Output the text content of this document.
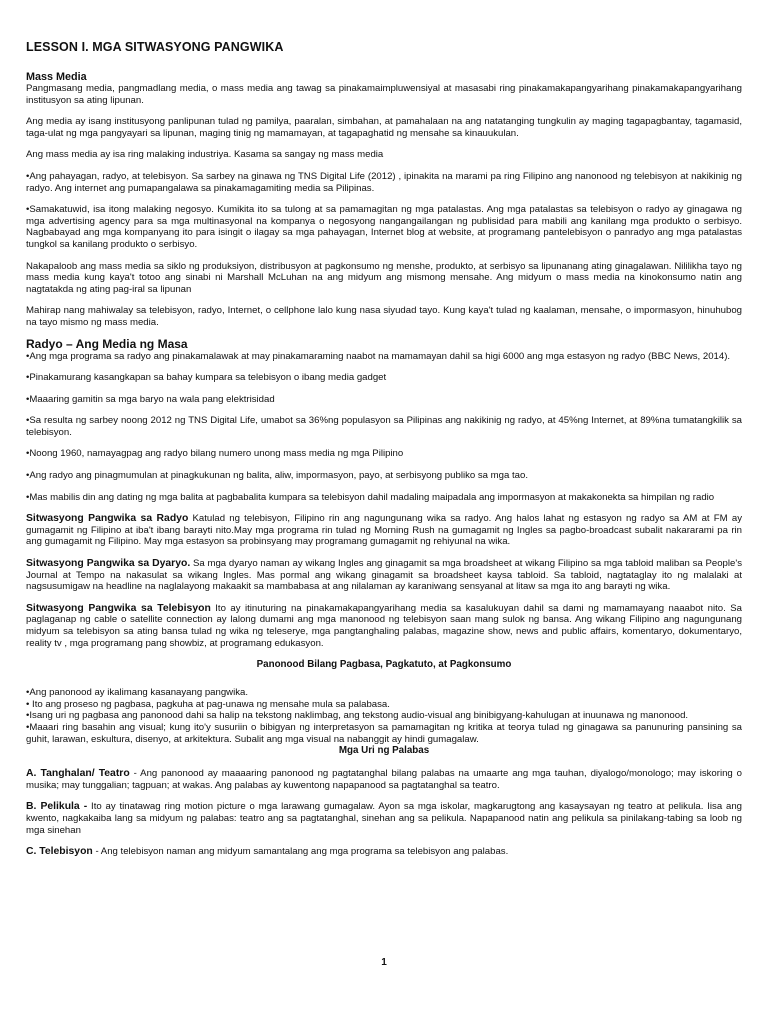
LESSON I. MGA SITWASYONG PANGWIKA
Mass Media

Pangmasang media, pangmadlang media, o mass media ang tawag sa pinakamaimpluwensiyal at masasabi ring pinakamakapangyarihang pinakamakapangyarihang institusyon sa ating lipunan.

Ang media ay isang institusyong panlipunan tulad ng pamilya, paaralan, simbahan, at pamahalaan na ang natatanging tungkulin ay maging tagapagbantay, tagamasid, taga-ulat ng mga pangyayari sa lipunan, maging tinig ng mamamayan, at tagapaghatid ng mensahe sa kinauukulan.

Ang mass media ay isa ring malaking industriya. Kasama sa sangay ng mass media

•Ang pahayagan, radyo, at telebisyon. Sa sarbey na ginawa ng TNS Digital Life (2012) , ipinakita na marami pa ring Filipino ang nanonood ng telebisyon at nakikinig ng radyo. Ang internet ang pumapangalawa sa pinakamagamiting media sa Pilipinas.

•Samakatuwid, isa itong malaking negosyo. Kumikita ito sa tulong at sa pamamagitan ng mga patalastas. Ang mga patalastas sa telebisyon o radyo ay ginagawa ng mga advertising agency para sa mga multinasyonal na kompanya o negosyong nangangailangan ng publisidad para mabili ang kanilang mga produkto o serbisyo. Nagbabayad ang mga kompanyang ito para isingit o ilagay sa mga pahayagan, Internet blog at website, at programang pantelebisyon o panradyo ang mga patalastas tungkol sa kanilang produkto o serbisyo.

Nakapaloob ang mass media sa siklo ng produksiyon, distribusyon at pagkonsumo ng menshe, produkto, at serbisyo sa lipunanang ating ginagalawan. Nililikha tayo ng mass media kung kaya't totoo ang sinabi ni Marshall McLuhan na ang midyum ang mismong mensahe. Ang midyum o mass media na kinokonsumo natin ang nagtatakda ng ating pag-iral sa lipunan

Mahirap nang mahiwalay sa telebisyon, radyo, Internet, o cellphone lalo kung nasa siyudad tayo. Kung kaya't tulad ng kaalaman, mensahe, o impormasyon, hinuhubog na tayo mismo ng mass media.

Radyo – Ang Media ng Masa

•Ang mga programa sa radyo ang pinakamalawak at may pinakamaraming naabot na mamamayan dahil sa higi 6000 ang mga estasyon ng radyo (BBC News, 2014).

•Pinakamurang kasangkapan sa bahay kumpara sa telebisyon o ibang media gadget

•Maaaring gamitin sa mga baryo na wala pang elektrisidad

•Sa resulta ng sarbey noong 2012 ng TNS Digital Life, umabot sa 36%ng populasyon sa Pilipinas ang nakikinig ng radyo, at 45%ng Internet, at 89%na tumatangkilik sa telebisyon.

•Noong 1960, namayagpag ang radyo bilang numero unong mass media ng mga Pilipino

•Ang radyo ang pinagmumulan at pinagkukunan ng balita, aliw, impormasyon, payo, at serbisyong publiko sa mga tao.

•Mas mabilis din ang dating ng mga balita at pagbabalita kumpara sa telebisyon dahil madaling maipadala ang impormasyon at makakonekta sa himpilan ng radio

Sitwasyong Pangwika sa Radyo Katulad ng telebisyon, Filipino rin ang nagungunang wika sa radyo. Ang halos lahat ng estasyon ng radyo sa AM at FM ay gumagamit ng Filipino at iba't ibang barayti nito.May mga programa rin tulad ng Morning Rush na gumagamit ng Ingles sa pagbo-broadcast subalit nakararami pa rin ang gumagamit ng Filipino. May mga estasyon sa probinsyang may programang gumagamit ng rehiyunal na wika.

Sitwasyong Pangwika sa Dyaryo. Sa mga dyaryo naman ay wikang Ingles ang ginagamit sa mga broadsheet at wikang Filipino sa mga tabloid maliban sa People's Journal at Tempo na nakasulat sa wikang Ingles. Mas pormal ang wikang ginagamit sa broadsheet kaysa tabloid. Sa tabloid, nagtataglay ito ng malalaki at nagsusumigaw na headline na naglalayong makaakit sa mambabasa at ang nilalaman ay karaniwang sensyanal at litaw sa mga ito ang barayti ng wika.

Sitwasyong Pangwika sa Telebisyon Ito ay itinuturing na pinakamakapangyarihang media sa kasalukuyan dahil sa dami ng mamamayang naaabot nito. Sa paglaganap ng cable o satellite connection ay lalong dumami ang mga manonood ng telebisyon saan mang sulok ng bansa. Ang wikang Filipino ang nagungunang midyum sa telebisyon sa ating bansa tulad ng wika ng teleserye, mga pangtanghaling palabas, magazine show, news and public affairs, komentaryo, dokumentaryo, reality tv , mga programang pang showbiz, at programang edukasyon.

Panonood Bilang Pagbasa, Pagkatuto, at Pagkonsumo

•Ang panonood ay ikalimang kasanayang pangwika.

• Ito ang proseso ng pagbasa, pagkuha at pag-unawa ng mensahe mula sa palabasa.

•Isang uri ng pagbasa ang panonood dahi sa halip na tekstong naklimbag, ang tekstong audio-visual ang binibigyang-kahulugan at inuunawa ng manonood.

•Maaari ring basahin ang visual; kung ito'y susuriin o bibigyan ng interpretasyon sa pamamagitan ng kritika at teorya tulad ng ginagawa sa panunuring pansining sa guhit, larawan, eskultura, disenyo, at arkitektura. Subalit ang mga visual na nabanggit ay hindi gumagalaw.

Mga Uri ng Palabas

A. Tanghalan/ Teatro - Ang panonood ay maaaaring panonood ng pagtatanghal bilang palabas na umaarte ang mga tauhan, diyalogo/monologo; may iskoring o musika; may tunggalian; tagpuan; at wakas. Ang palabas ay kuwentong napapanood sa pagtatanghal sa teatro.

B. Pelikula - Ito ay tinatawag ring motion picture o mga larawang gumagalaw. Ayon sa mga iskolar, magkarugtong ang kasaysayan ng teatro at pelikula. Iisa ang kwento, nagkakaiba lang sa midyum ng palabas: teatro ang sa pagtatanghal, sinehan ang sa pelikula. Napapanood natin ang pelikula sa pinilakang-tabing sa loob ng mga sinehan

C. Telebisyon - Ang telebisyon naman ang midyum samantalang ang mga programa sa telebisyon ang palabas.

1
